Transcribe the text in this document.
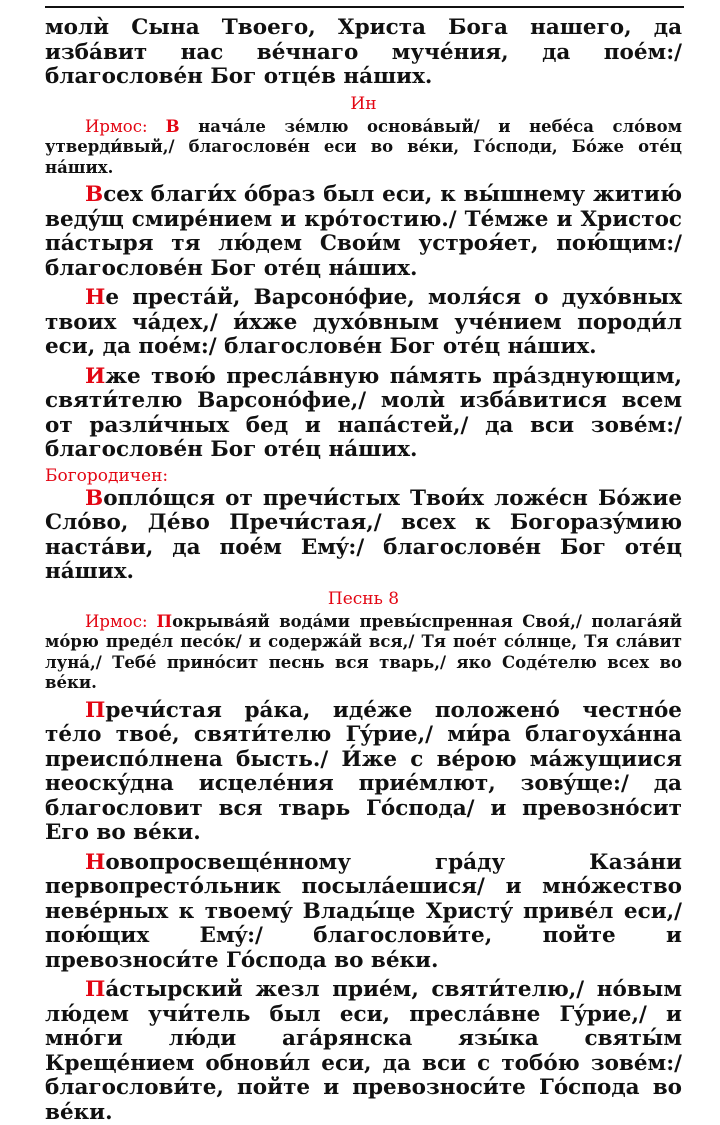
молѝ Сына Твоего, Христа Бога нашего, да избáвит нас вéчнаго мучéния, да поéм:/ благословéн Бог отцéв нáших.

Ин

Ирмос: В начáле зéмлю основáвый/ и небéса слóвом утверди́вый,/ благословéн еси во вéки, Гóсподи, Бóже отéц нáших.

Всех благи́х óбраз был еси, к вы́шнему житию́ ведýщ смирéнием и крóтостию./ Тéмже и Христос пáстыря тя лю́дем Свои́м устроя́ет, пою́щим:/ благословéн Бог отéц нáших.

Не престáй, Варсонóфие, моля́ся о духóвных твоих чáдех,/ и́хже духóвным учéнием породи́л еси, да поéм:/ благословéн Бог отéц нáших.

Иже твою́ преслáвную пáмять прáзднующим, святи́телю Варсонóфие,/ молѝ избáвитися всем от разли́чных бед и напáстей,/ да вси зовéм:/ благословéн Бог отéц нáших.

Богородичен:

Воплóщся от пречи́стых Твои́х ложéсн Бóжие Слóво, Дéво Пречи́стая,/ всех к Богоразýмию настáви, да поéм Емý:/ благословéн Бог отéц нáших.

Песнь 8

Ирмос: Покрывáяй водáми превы́спренная Своя́,/ полагáяй мóрю предéл песóк/ и содержáй вся,/ Тя поéт сóлнце, Тя слáвит лунá,/ Тебé принóсит песнь вся тварь,/ яко Содéтелю всех во вéки.

Пречи́стая рáка, идéже положенó честнóе тéло твоé, святи́телю Гýрие,/ ми́ра благоухáнна преиспóлнена бысть./ И́же с вéрою мáжущиися неоскýдна исцелéния приéмлют, зовýще:/ да благословит вся тварь Гóспода/ и превознóсит Его во вéки.

Новопросвещéнному грáду Казáни первопрестóльник посылáешися/ и мнóжество невéрных к твоемý Влады́це Христý привéл еси,/ пою́щих Емý:/ благослови́те, пойте и превознoси́те Гóспода во вéки.

Пáстырский жезл приéм, святи́телю,/ нóвым лю́дем учи́тель был еси, преслáвне Гýрие,/ и мнóги лю́ди агáрянска язы́ка святы́м Крещéнием обнови́л еси, да вси с тобóю зовéм:/ благослови́те, пойте и превознoси́те Гóспода во вéки.
